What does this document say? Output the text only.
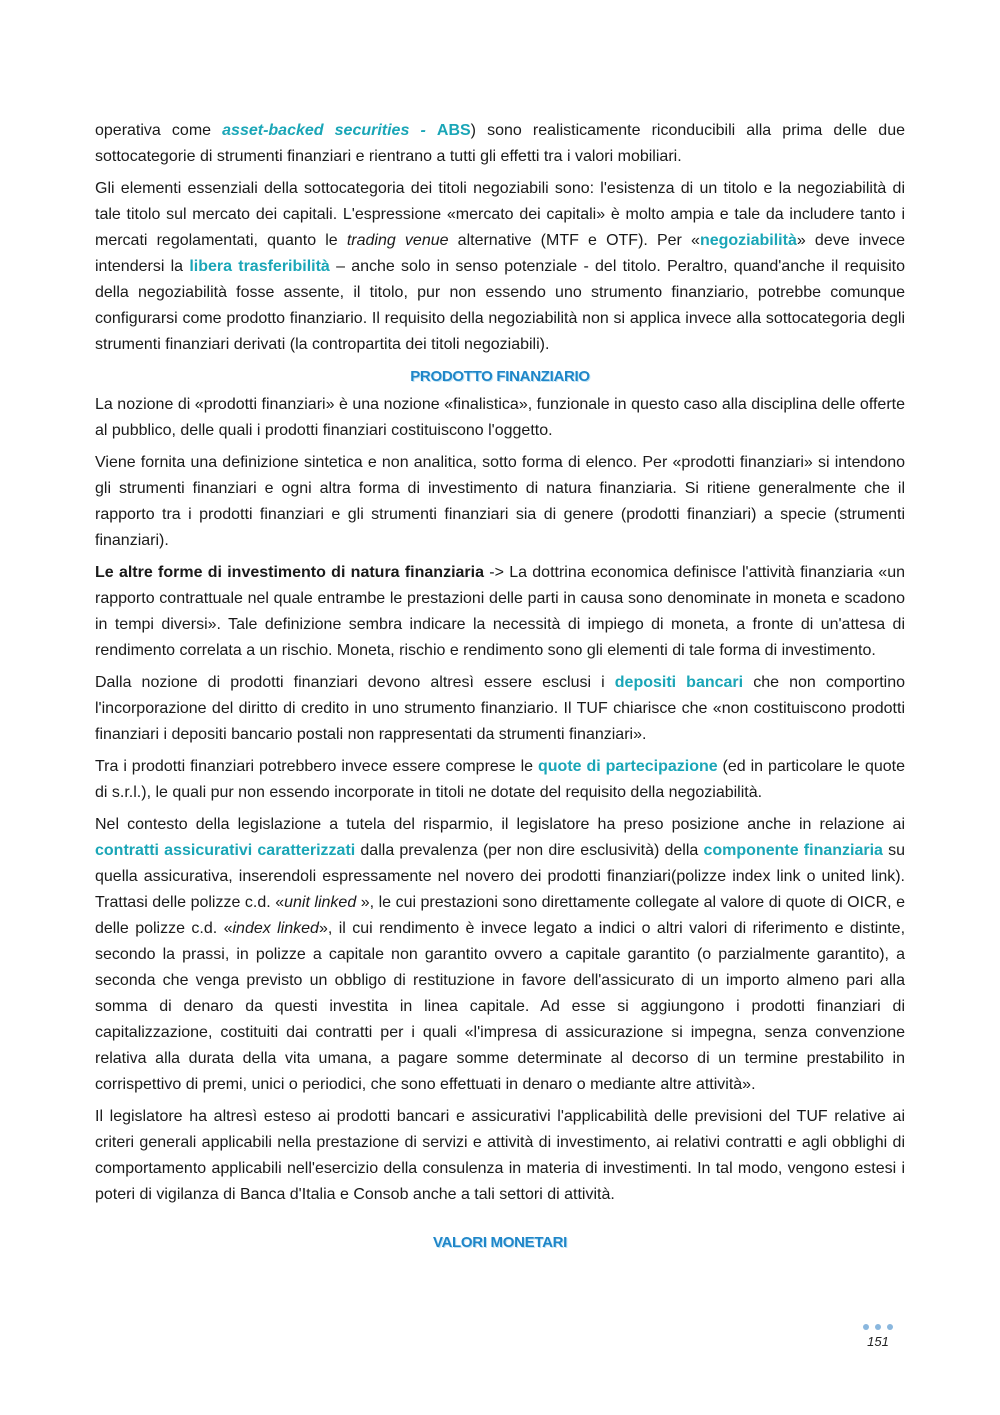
operativa come asset-backed securities - ABS) sono realisticamente riconducibili alla prima delle due sottocategorie di strumenti finanziari e rientrano a tutti gli effetti tra i valori mobiliari.

Gli elementi essenziali della sottocategoria dei titoli negoziabili sono: l'esistenza di un titolo e la negoziabilità di tale titolo sul mercato dei capitali. L'espressione «mercato dei capitali» è molto ampia e tale da includere tanto i mercati regolamentati, quanto le trading venue alternative (MTF e OTF). Per «negoziabilità» deve invece intendersi la libera trasferibilità – anche solo in senso potenziale - del titolo. Peraltro, quand'anche il requisito della negoziabilità fosse assente, il titolo, pur non essendo uno strumento finanziario, potrebbe comunque configurarsi come prodotto finanziario. Il requisito della negoziabilità non si applica invece alla sottocategoria degli strumenti finanziari derivati (la contropartita dei titoli negoziabili).

PRODOTTO FINANZIARIO

La nozione di «prodotti finanziari» è una nozione «finalistica», funzionale in questo caso alla disciplina delle offerte al pubblico, delle quali i prodotti finanziari costituiscono l'oggetto.

Viene fornita una definizione sintetica e non analitica, sotto forma di elenco. Per «prodotti finanziari» si intendono gli strumenti finanziari e ogni altra forma di investimento di natura finanziaria. Si ritiene generalmente che il rapporto tra i prodotti finanziari e gli strumenti finanziari sia di genere (prodotti finanziari) a specie (strumenti finanziari).

Le altre forme di investimento di natura finanziaria -> La dottrina economica definisce l'attività finanziaria «un rapporto contrattuale nel quale entrambe le prestazioni delle parti in causa sono denominate in moneta e scadono in tempi diversi». Tale definizione sembra indicare la necessità di impiego di moneta, a fronte di un'attesa di rendimento correlata a un rischio. Moneta, rischio e rendimento sono gli elementi di tale forma di investimento.

Dalla nozione di prodotti finanziari devono altresì essere esclusi i depositi bancari che non comportino l'incorporazione del diritto di credito in uno strumento finanziario. Il TUF chiarisce che «non costituiscono prodotti finanziari i depositi bancario postali non rappresentati da strumenti finanziari».

Tra i prodotti finanziari potrebbero invece essere comprese le quote di partecipazione (ed in particolare le quote di s.r.l.), le quali pur non essendo incorporate in titoli ne dotate del requisito della negoziabilità.

Nel contesto della legislazione a tutela del risparmio, il legislatore ha preso posizione anche in relazione ai contratti assicurativi caratterizzati dalla prevalenza (per non dire esclusività) della componente finanziaria su quella assicurativa, inserendoli espressamente nel novero dei prodotti finanziari(polizze index link o united link). Trattasi delle polizze c.d. «unit linked », le cui prestazioni sono direttamente collegate al valore di quote di OICR, e delle polizze c.d. «index linked», il cui rendimento è invece legato a indici o altri valori di riferimento e distinte, secondo la prassi, in polizze a capitale non garantito ovvero a capitale garantito (o parzialmente garantito), a seconda che venga previsto un obbligo di restituzione in favore dell'assicurato di un importo almeno pari alla somma di denaro da questi investita in linea capitale. Ad esse si aggiungono i prodotti finanziari di capitalizzazione, costituiti dai contratti per i quali «l'impresa di assicurazione si impegna, senza convenzione relativa alla durata della vita umana, a pagare somme determinate al decorso di un termine prestabilito in corrispettivo di premi, unici o periodici, che sono effettuati in denaro o mediante altre attività».

Il legislatore ha altresì esteso ai prodotti bancari e assicurativi l'applicabilità delle previsioni del TUF relative ai criteri generali applicabili nella prestazione di servizi e attività di investimento, ai relativi contratti e agli obblighi di comportamento applicabili nell'esercizio della consulenza in materia di investimenti. In tal modo, vengono estesi i poteri di vigilanza di Banca d'Italia e Consob anche a tali settori di attività.

VALORI MONETARI
151
